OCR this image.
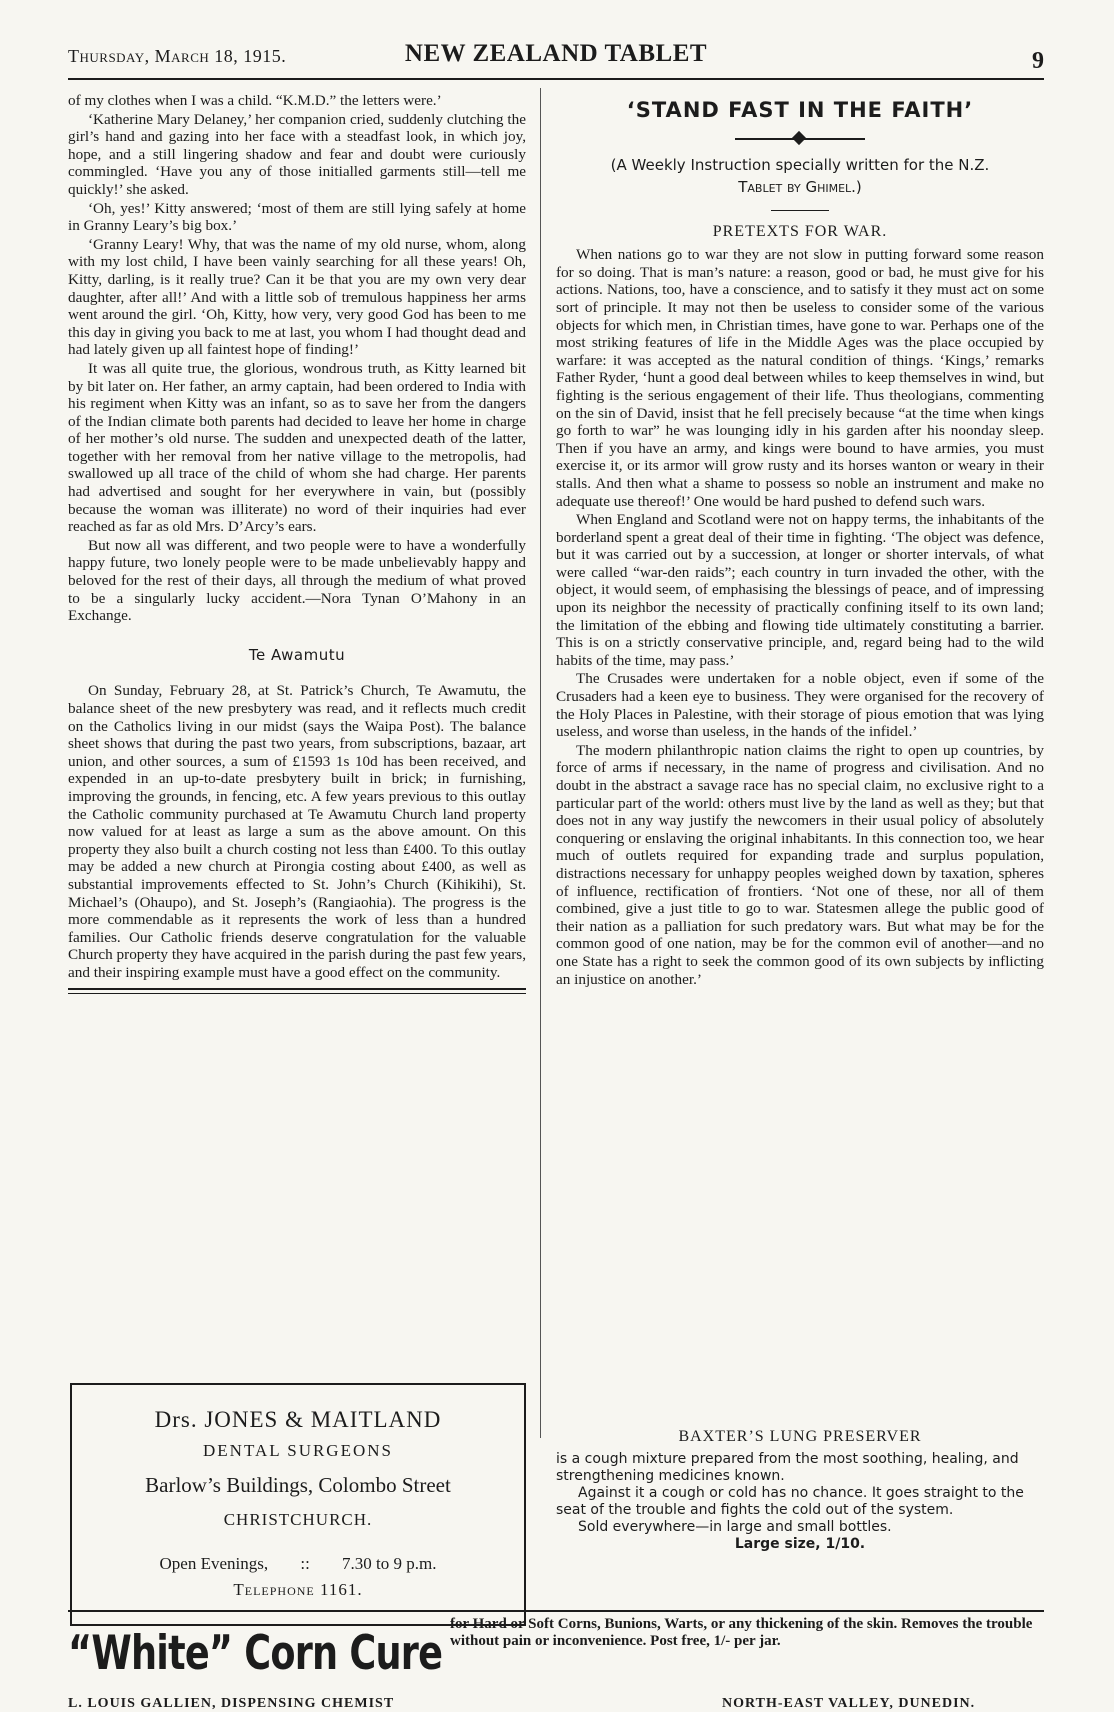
Thursday, March 18, 1915.	NEW ZEALAND TABLET	9

of my clothes when I was a child. “K.M.D.” the letters were.’

‘Katherine Mary Delaney,’ her companion cried, suddenly clutching the girl’s hand and gazing into her face with a steadfast look, in which joy, hope, and a still lingering shadow and fear and doubt were curiously commingled. ‘Have you any of those initialled garments still—tell me quickly!’ she asked.

‘Oh, yes!’ Kitty answered; ‘most of them are still lying safely at home in Granny Leary’s big box.’

‘Granny Leary! Why, that was the name of my old nurse, whom, along with my lost child, I have been vainly searching for all these years! Oh, Kitty, darling, is it really true? Can it be that you are my own very dear daughter, after all!’ And with a little sob of tremulous happiness her arms went around the girl. ‘Oh, Kitty, how very, very good God has been to me this day in giving you back to me at last, you whom I had thought dead and had lately given up all faintest hope of finding!’

It was all quite true, the glorious, wondrous truth, as Kitty learned bit by bit later on. Her father, an army captain, had been ordered to India with his regiment when Kitty was an infant, so as to save her from the dangers of the Indian climate both parents had decided to leave her home in charge of her mother’s old nurse. The sudden and unexpected death of the latter, together with her removal from her native village to the metropolis, had swallowed up all trace of the child of whom she had charge. Her parents had advertised and sought for her everywhere in vain, but (possibly because the woman was illiterate) no word of their inquiries had ever reached as far as old Mrs. D’Arcy’s ears.

But now all was different, and two people were to have a wonderfully happy future, two lonely people were to be made unbelievably happy and beloved for the rest of their days, all through the medium of what proved to be a singularly lucky accident.—Nora Tynan O’Mahony in an Exchange.

Te Awamutu

On Sunday, February 28, at St. Patrick’s Church, Te Awamutu, the balance sheet of the new presbytery was read, and it reflects much credit on the Catholics living in our midst (says the Waipa Post). The balance sheet shows that during the past two years, from subscriptions, bazaar, art union, and other sources, a sum of £1593 1s 10d has been received, and expended in an up-to-date presbytery built in brick; in furnishing, improving the grounds, in fencing, etc. A few years previous to this outlay the Catholic community purchased at Te Awamutu Church land property now valued for at least as large a sum as the above amount. On this property they also built a church costing not less than £400. To this outlay may be added a new church at Pirongia costing about £400, as well as substantial improvements effected to St. John’s Church (Kihikihi), St. Michael’s (Ohaupo), and St. Joseph’s (Rangiaohia). The progress is the more commendable as it represents the work of less than a hundred families. Our Catholic friends deserve congratulation for the valuable Church property they have acquired in the parish during the past few years, and their inspiring example must have a good effect on the community.

Drs. JONES & MAITLAND
DENTAL SURGEONS
Barlow’s Buildings, Colombo Street
CHRISTCHURCH.
Open Evenings, :: 7.30 to 9 p.m.
Telephone 1161.
‘STAND FAST IN THE FAITH’
(A Weekly Instruction specially written for the N.Z.
Tablet by Ghimel.)
PRETEXTS FOR WAR.

When nations go to war they are not slow in putting forward some reason for so doing. That is man’s nature: a reason, good or bad, he must give for his actions. Nations, too, have a conscience, and to satisfy it they must act on some sort of principle. It may not then be useless to consider some of the various objects for which men, in Christian times, have gone to war. Perhaps one of the most striking features of life in the Middle Ages was the place occupied by warfare: it was accepted as the natural condition of things. ‘Kings,’ remarks Father Ryder, ‘hunt a good deal between whiles to keep themselves in wind, but fighting is the serious engagement of their life. Thus theologians, commenting on the sin of David, insist that he fell precisely because “at the time when kings go forth to war” he was lounging idly in his garden after his noonday sleep. Then if you have an army, and kings were bound to have armies, you must exercise it, or its armor will grow rusty and its horses wanton or weary in their stalls. And then what a shame to possess so noble an instrument and make no adequate use thereof!’ One would be hard pushed to defend such wars.

When England and Scotland were not on happy terms, the inhabitants of the borderland spent a great deal of their time in fighting. ‘The object was defence, but it was carried out by a succession, at longer or shorter intervals, of what were called “war-den raids”; each country in turn invaded the other, with the object, it would seem, of emphasising the blessings of peace, and of impressing upon its neighbor the necessity of practically confining itself to its own land; the limitation of the ebbing and flowing tide ultimately constituting a barrier. This is on a strictly conservative principle, and, regard being had to the wild habits of the time, may pass.’

The Crusades were undertaken for a noble object, even if some of the Crusaders had a keen eye to business. They were organised for the recovery of the Holy Places in Palestine, with their storage of pious emotion that was lying useless, and worse than useless, in the hands of the infidel.’

The modern philanthropic nation claims the right to open up countries, by force of arms if necessary, in the name of progress and civilisation. And no doubt in the abstract a savage race has no special claim, no exclusive right to a particular part of the world: others must live by the land as well as they; but that does not in any way justify the newcomers in their usual policy of absolutely conquering or enslaving the original inhabitants. In this connection too, we hear much of outlets required for expanding trade and surplus population, distractions necessary for unhappy peoples weighed down by taxation, spheres of influence, rectification of frontiers. ‘Not one of these, nor all of them combined, give a just title to go to war. Statesmen allege the public good of their nation as a palliation for such predatory wars. But what may be for the common good of one nation, may be for the common evil of another—and no one State has a right to seek the common good of its own subjects by inflicting an injustice on another.’

BAXTER’S LUNG PRESERVER

is a cough mixture prepared from the most soothing, healing, and strengthening medicines known.

Against it a cough or cold has no chance. It goes straight to the seat of the trouble and fights the cold out of the system.

Sold everywhere—in large and small bottles.

Large size, 1/10.

“White” Corn Cure
for Hard or Soft Corns, Bunions, Warts, or any thickening of the skin. Removes the trouble without pain or inconvenience. Post free, 1/- per jar.
L. LOUIS GALLIEN, DISPENSING CHEMIST	NORTH-EAST VALLEY, DUNEDIN.
